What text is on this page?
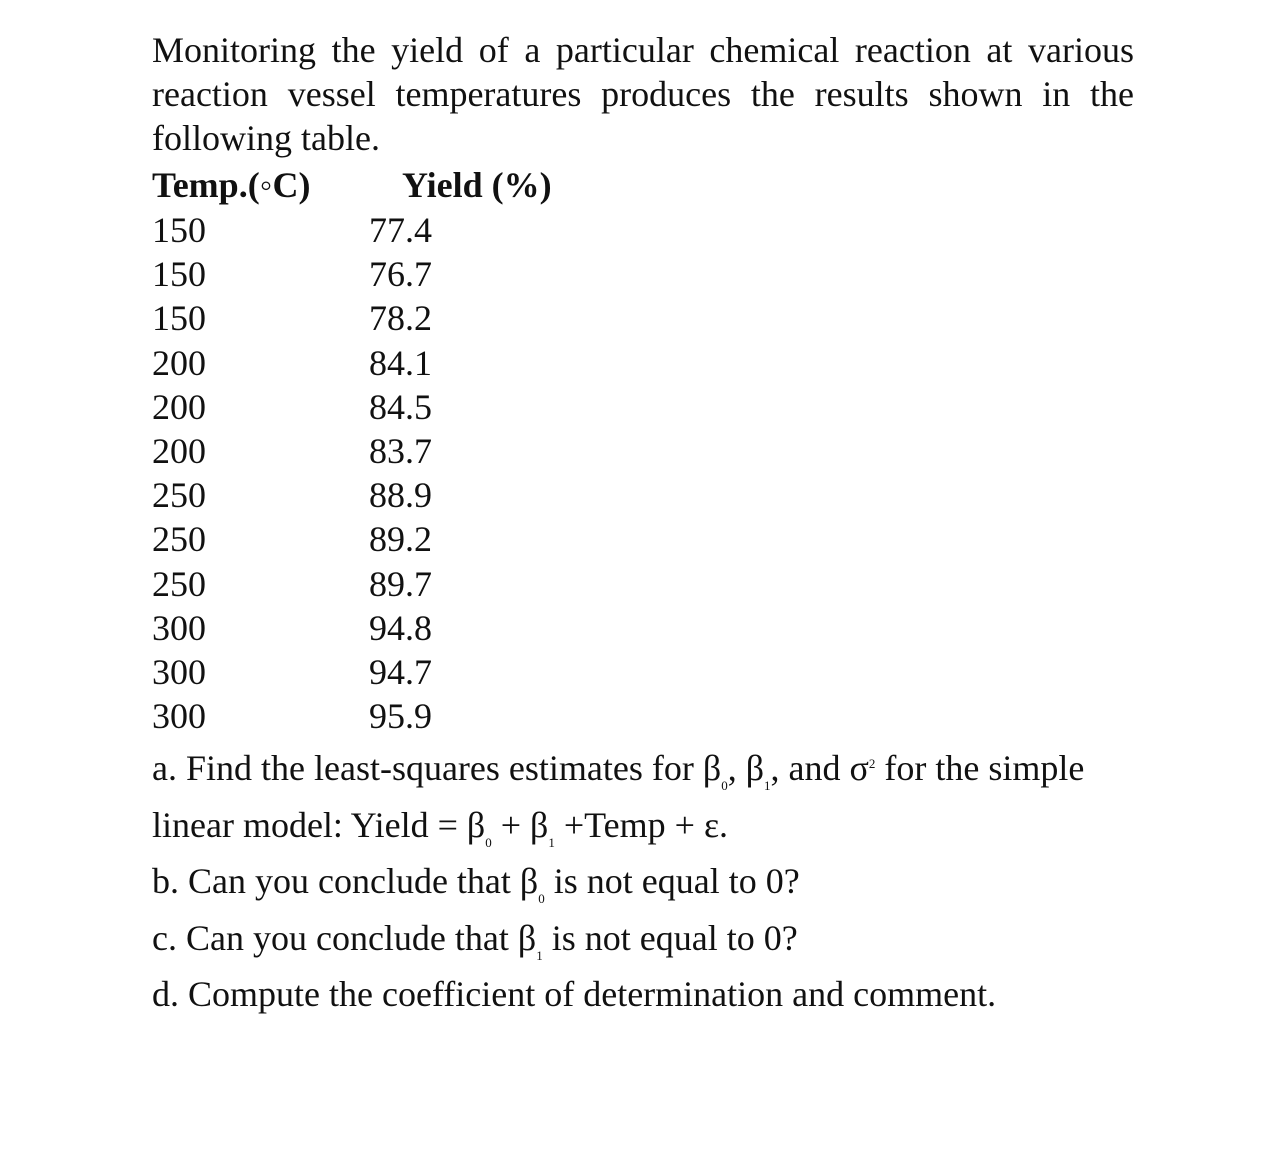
Monitoring the yield of a particular chemical reaction at various reaction vessel temperatures produces the results shown in the following table.

Temp.(◦C)	Yield (%)
150	77.4
150	76.7
150	78.2
200	84.1
200	84.5
200	83.7
250	88.9
250	89.2
250	89.7
300	94.8
300	94.7
300	95.9
a. Find the least-squares estimates for $\beta_0$, $\beta_1$, and $\sigma^2$ for the simple
linear model: Yield = $\beta_0 + \beta_1$ +Temp + ε.
b. Can you conclude that $\beta_0$ is not equal to 0?
c. Can you conclude that $\beta_1$ is not equal to 0?
d. Compute the coefficient of determination and comment.
